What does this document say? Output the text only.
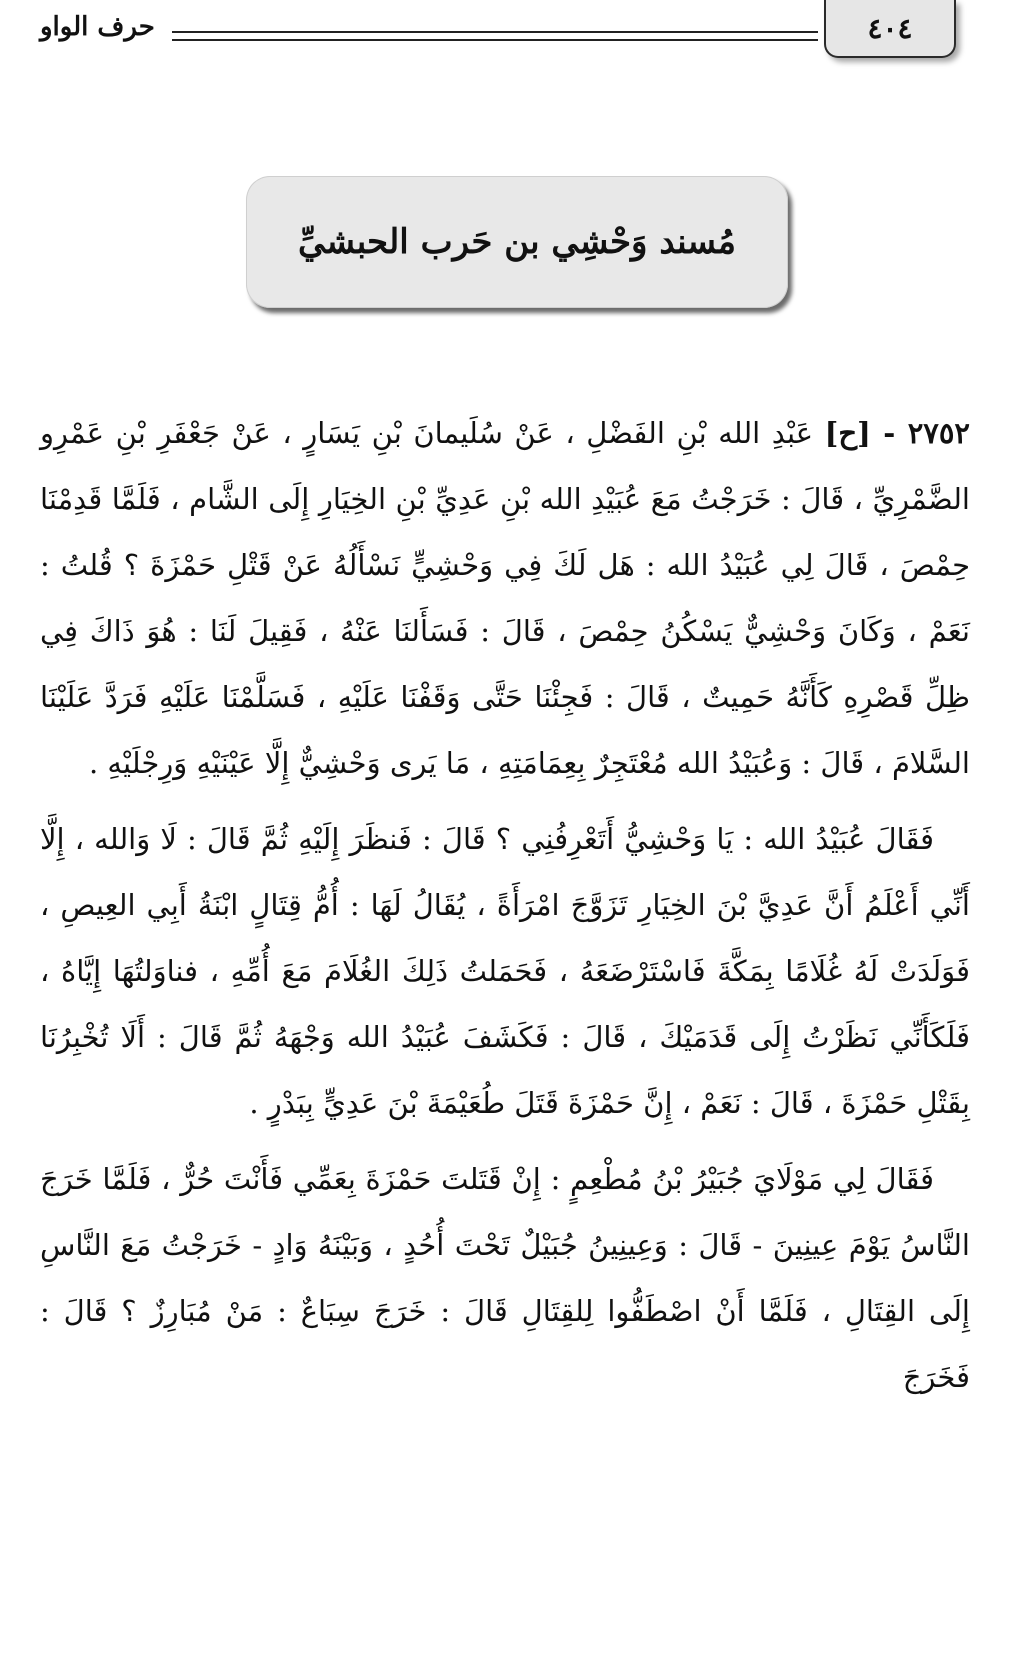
٤٠٤
حرف الواو
مُسند وَحْشِي بن حَرب الحبشيِّ

٢٧٥٢ - [ح] عَبْدِ الله بْنِ الفَضْلِ ، عَنْ سُلَيمانَ بْنِ يَسَارٍ ، عَنْ جَعْفَرِ بْنِ عَمْرِو الضَّمْرِيِّ ، قَالَ : خَرَجْتُ مَعَ عُبَيْدِ الله بْنِ عَدِيِّ بْنِ الخِيَارِ إِلَى الشَّام ، فَلَمَّا قَدِمْنَا حِمْصَ ، قَالَ لِي عُبَيْدُ الله : هَل لَكَ فِي وَحْشِيٍّ نَسْأَلُهُ عَنْ قَتْلِ حَمْزَةَ ؟ قُلتُ : نَعَمْ ، وَكَانَ وَحْشِيٌّ يَسْكُنُ حِمْصَ ، قَالَ : فَسَأَلنَا عَنْهُ ، فَقِيلَ لَنَا : هُوَ ذَاكَ فِي ظِلِّ قَصْرِهِ كَأَنَّهُ حَمِيتٌ ، قَالَ : فَجِئْنَا حَتَّى وَقَفْنَا عَلَيْهِ ، فَسَلَّمْنَا عَلَيْهِ فَرَدَّ عَلَيْنَا السَّلامَ ، قَالَ : وَعُبَيْدُ الله مُعْتَجِرٌ بِعِمَامَتِهِ ، مَا يَرى وَحْشِيٌّ إِلَّا عَيْنَيْهِ وَرِجْلَيْهِ .

فَقَالَ عُبَيْدُ الله : يَا وَحْشِيُّ أَتَعْرِفُنِي ؟ قَالَ : فَنظَرَ إِلَيْهِ ثُمَّ قَالَ : لَا وَالله ، إِلَّا أَنِّي أَعْلَمُ أَنَّ عَدِيَّ بْنَ الخِيَارِ تَزَوَّجَ امْرَأَةً ، يُقَالُ لَهَا : أُمُّ قِتَالٍ ابْنَةُ أَبِي العِيصِ ، فَوَلَدَتْ لَهُ غُلَامًا بِمَكَّةَ فَاسْتَرْضَعَهُ ، فَحَمَلتُ ذَلِكَ الغُلَامَ مَعَ أُمِّهِ ، فناوَلتُهَا إِيَّاهُ ، فَلَكَأَنِّي نَظَرْتُ إِلَى قَدَمَيْكَ ، قَالَ : فَكَشَفَ عُبَيْدُ الله وَجْهَهُ ثُمَّ قَالَ : أَلَا تُخْبِرُنَا بِقَتْلِ حَمْزَةَ ، قَالَ : نَعَمْ ، إِنَّ حَمْزَةَ قَتَلَ طُعَيْمَةَ بْنَ عَدِيٍّ بِبَدْرٍ .

فَقَالَ لِي مَوْلَايَ جُبَيْرُ بْنُ مُطْعِمٍ : إِنْ قَتَلتَ حَمْزَةَ بِعَمِّي فَأَنْتَ حُرٌّ ، فَلَمَّا خَرَجَ النَّاسُ يَوْمَ عِينِينَ - قَالَ : وَعِينِينُ جُبَيْلٌ تَحْتَ أُحُدٍ ، وَبَيْنَهُ وَادٍ - خَرَجْتُ مَعَ النَّاسِ إِلَى القِتَالِ ، فَلَمَّا أَنْ اصْطَفُّوا لِلقِتَالِ قَالَ : خَرَجَ سِبَاعٌ : مَنْ مُبَارِزٌ ؟ قَالَ : فَخَرَجَ
